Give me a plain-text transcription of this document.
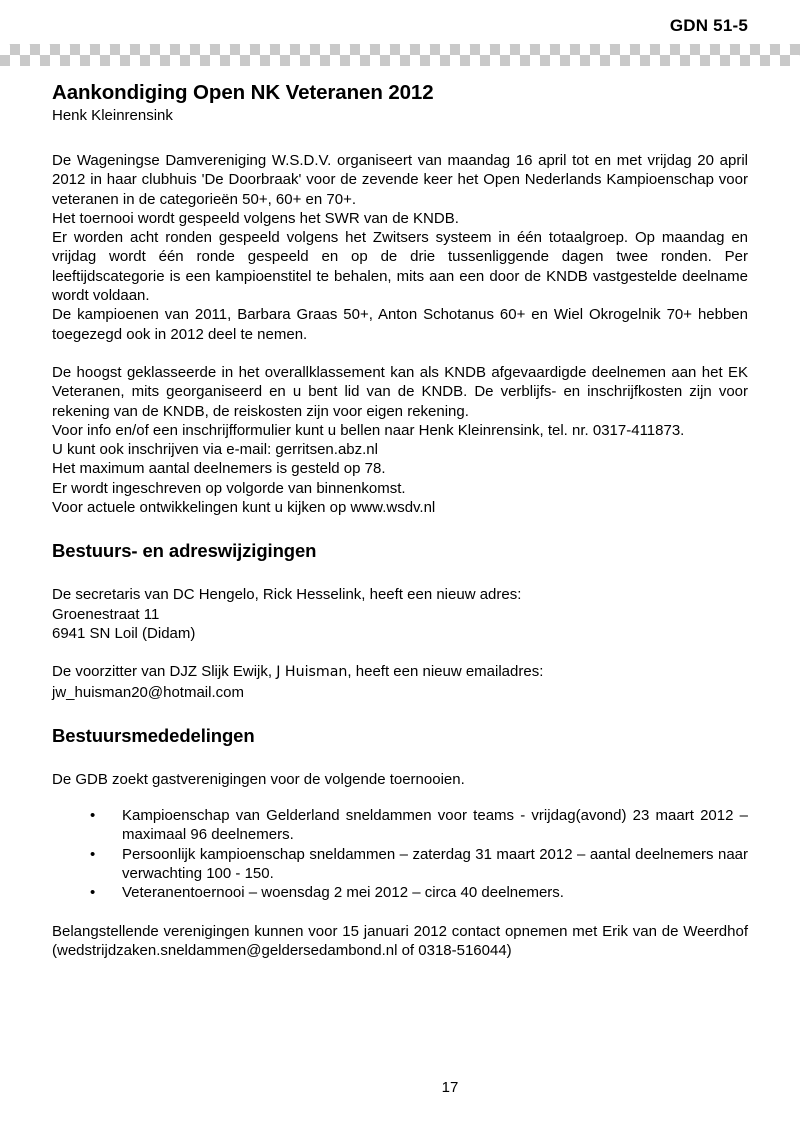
GDN 51-5
Aankondiging Open NK Veteranen 2012

Henk Kleinrensink

De Wageningse Damvereniging W.S.D.V. organiseert van maandag 16 april tot en met vrijdag 20 april 2012 in haar clubhuis 'De Doorbraak' voor de zevende keer het Open Nederlands Kampioenschap voor veteranen in de categorieën 50+, 60+ en 70+.

Het toernooi wordt gespeeld volgens het SWR van de KNDB.

Er worden acht ronden gespeeld volgens het Zwitsers systeem in één totaalgroep. Op maandag en vrijdag wordt één ronde gespeeld en op de drie tussenliggende dagen twee ronden. Per leeftijdscategorie is een kampioenstitel te behalen, mits aan een door de KNDB vastgestelde deelname wordt voldaan.

De kampioenen van 2011, Barbara Graas 50+, Anton Schotanus 60+ en Wiel Okrogelnik 70+ hebben toegezegd ook in 2012 deel te nemen.

De hoogst geklasseerde in het overallklassement kan als KNDB afgevaardigde deelnemen aan het EK Veteranen, mits georganiseerd en u bent lid van de KNDB. De verblijfs- en inschrijfkosten zijn voor rekening van de KNDB, de reiskosten zijn voor eigen rekening.

Voor info en/of een inschrijfformulier kunt u bellen naar Henk Kleinrensink, tel. nr. 0317-411873.

U kunt ook inschrijven via e-mail: gerritsen.abz.nl

Het maximum aantal deelnemers is gesteld op 78.

Er wordt ingeschreven op volgorde van binnenkomst.

Voor actuele ontwikkelingen kunt u kijken op www.wsdv.nl

Bestuurs- en adreswijzigingen

De secretaris van DC Hengelo, Rick Hesselink, heeft een nieuw adres:

Groenestraat 11

6941 SN Loil (Didam)

De voorzitter van DJZ Slijk Ewijk, J Huisman, heeft een nieuw emailadres:

jw_huisman20@hotmail.com

Bestuursmededelingen

De GDB zoekt gastverenigingen voor de volgende toernooien.

• Kampioenschap van Gelderland sneldammen voor teams - vrijdag(avond) 23 maart 2012 – maximaal 96 deelnemers.
• Persoonlijk kampioenschap sneldammen – zaterdag 31 maart 2012 – aantal deelnemers naar verwachting 100 - 150.
• Veteranentoernooi – woensdag 2 mei 2012 – circa 40 deelnemers.

Belangstellende verenigingen kunnen voor 15 januari 2012 contact opnemen met Erik van de Weerdhof (wedstrijdzaken.sneldammen@geldersedambond.nl of 0318-516044)

17
